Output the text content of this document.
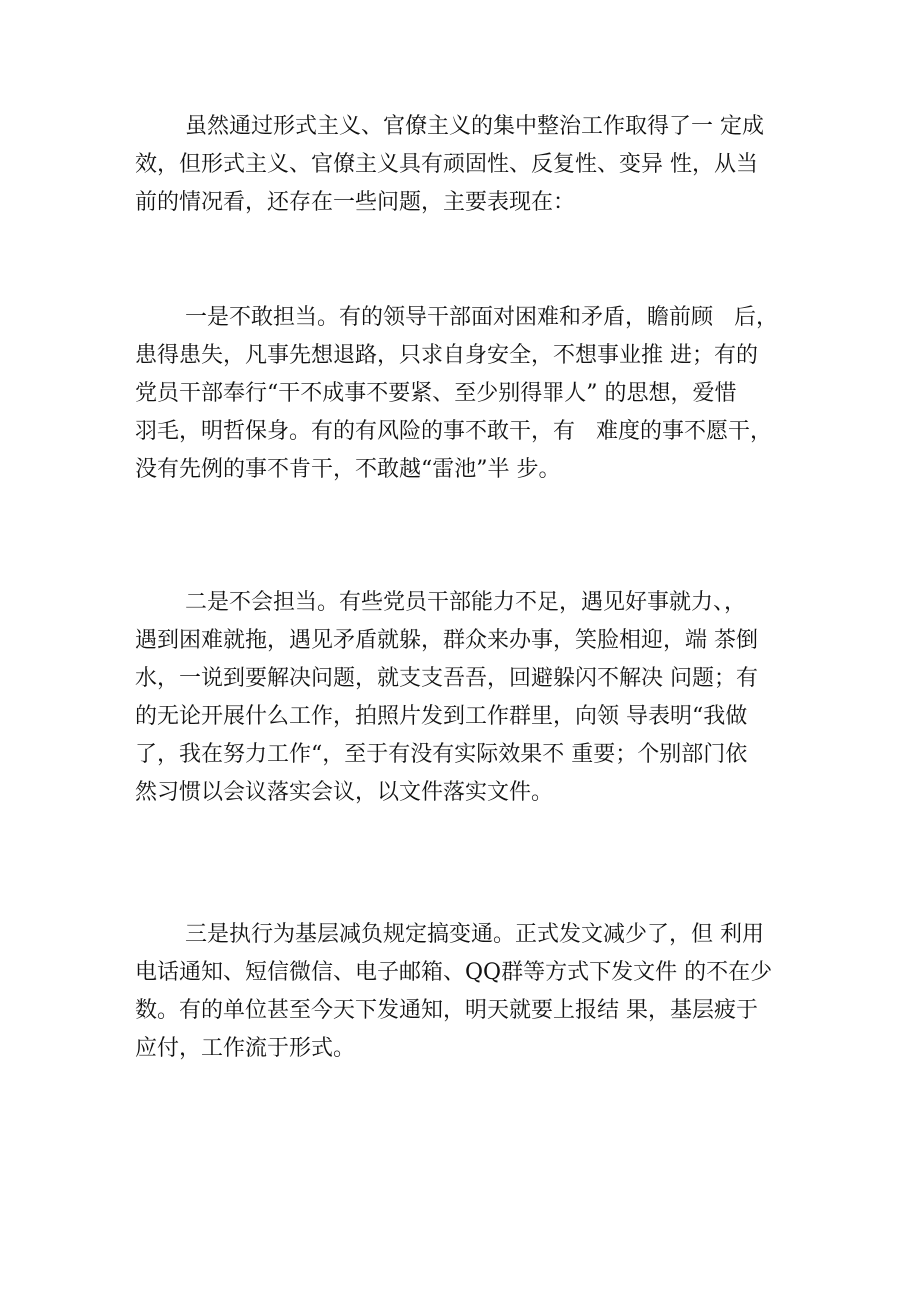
虽然通过形式主义、官僚主义的集中整治工作取得了一 定成
效，但形式主义、官僚主义具有顽固性、反复性、变异 性，从当
前的情况看，还存在一些问题，主要表现在：
一是不敢担当。有的领导干部面对困难和矛盾，瞻前顾   后，
患得患失，凡事先想退路，只求自身安全，不想事业推 进；有的
党员干部奉行“干不成事不要紧、至少别得罪人” 的思想，爱惜
羽毛，明哲保身。有的有风险的事不敢干，有   难度的事不愿干，
没有先例的事不肯干，不敢越“雷池”半 步。
二是不会担当。有些党员干部能力不足，遇见好事就力、，
遇到困难就拖，遇见矛盾就躲，群众来办事，笑脸相迎，端 茶倒
水，一说到要解决问题，就支支吾吾，回避躲闪不解决 问题；有
的无论开展什么工作，拍照片发到工作群里，向领 导表明“我做
了，我在努力工作“，至于有没有实际效果不 重要；个别部门依
然习惯以会议落实会议，以文件落实文件。
三是执行为基层减负规定搞变通。正式发文减少了，但 利用
电话通知、短信微信、电子邮箱、QQ群等方式下发文件 的不在少
数。有的单位甚至今天下发通知，明天就要上报结 果，基层疲于
应付，工作流于形式。
